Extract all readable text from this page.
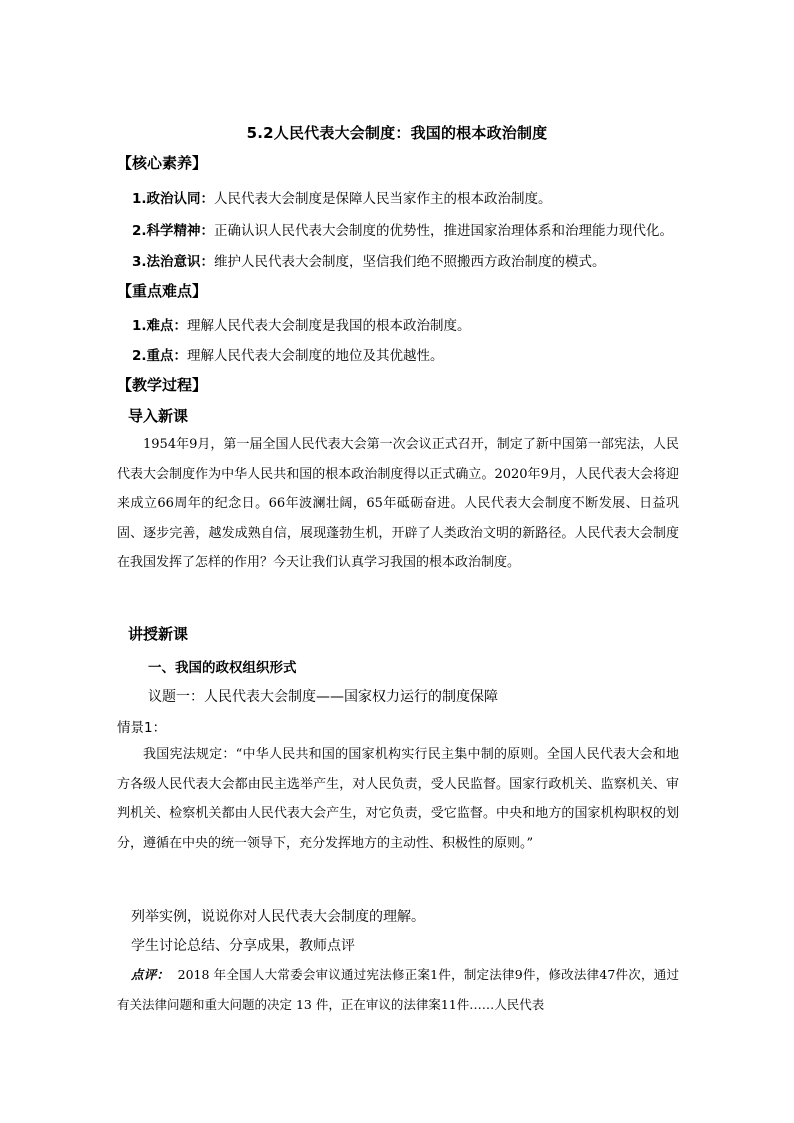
5.2人民代表大会制度：我国的根本政治制度
【核心素养】
1.政治认同：人民代表大会制度是保障人民当家作主的根本政治制度。
2.科学精神：正确认识人民代表大会制度的优势性，推进国家治理体系和治理能力现代化。
3.法治意识：维护人民代表大会制度，坚信我们绝不照搬西方政治制度的模式。
【重点难点】
1.难点：理解人民代表大会制度是我国的根本政治制度。
2.重点：理解人民代表大会制度的地位及其优越性。
【教学过程】
导入新课
1954年9月，第一届全国人民代表大会第一次会议正式召开，制定了新中国第一部宪法，人民代表大会制度作为中华人民共和国的根本政治制度得以正式确立。2020年9月，人民代表大会将迎来成立66周年的纪念日。66年波澜壮阔，65年砥砺奋进。人民代表大会制度不断发展、日益巩固、逐步完善，越发成熟自信，展现蓬勃生机，开辟了人类政治文明的新路径。人民代表大会制度在我国发挥了怎样的作用？今天让我们认真学习我国的根本政治制度。
讲授新课
一、我国的政权组织形式
议题一：人民代表大会制度——国家权力运行的制度保障
情景1：
我国宪法规定：“中华人民共和国的国家机构实行民主集中制的原则。全国人民代表大会和地方各级人民代表大会都由民主选举产生，对人民负责，受人民监督。国家行政机关、监察机关、审判机关、检察机关都由人民代表大会产生，对它负责，受它监督。中央和地方的国家机构职权的划分，遵循在中央的统一领导下，充分发挥地方的主动性、积极性的原则。”
列举实例，说说你对人民代表大会制度的理解。
学生讨论总结、分享成果，教师点评
点评： 2018 年全国人大常委会审议通过宪法修正案1件，制定法律9件，修改法律47件次，通过有关法律问题和重大问题的决定 13 件，正在审议的法律案11件……人民代表
